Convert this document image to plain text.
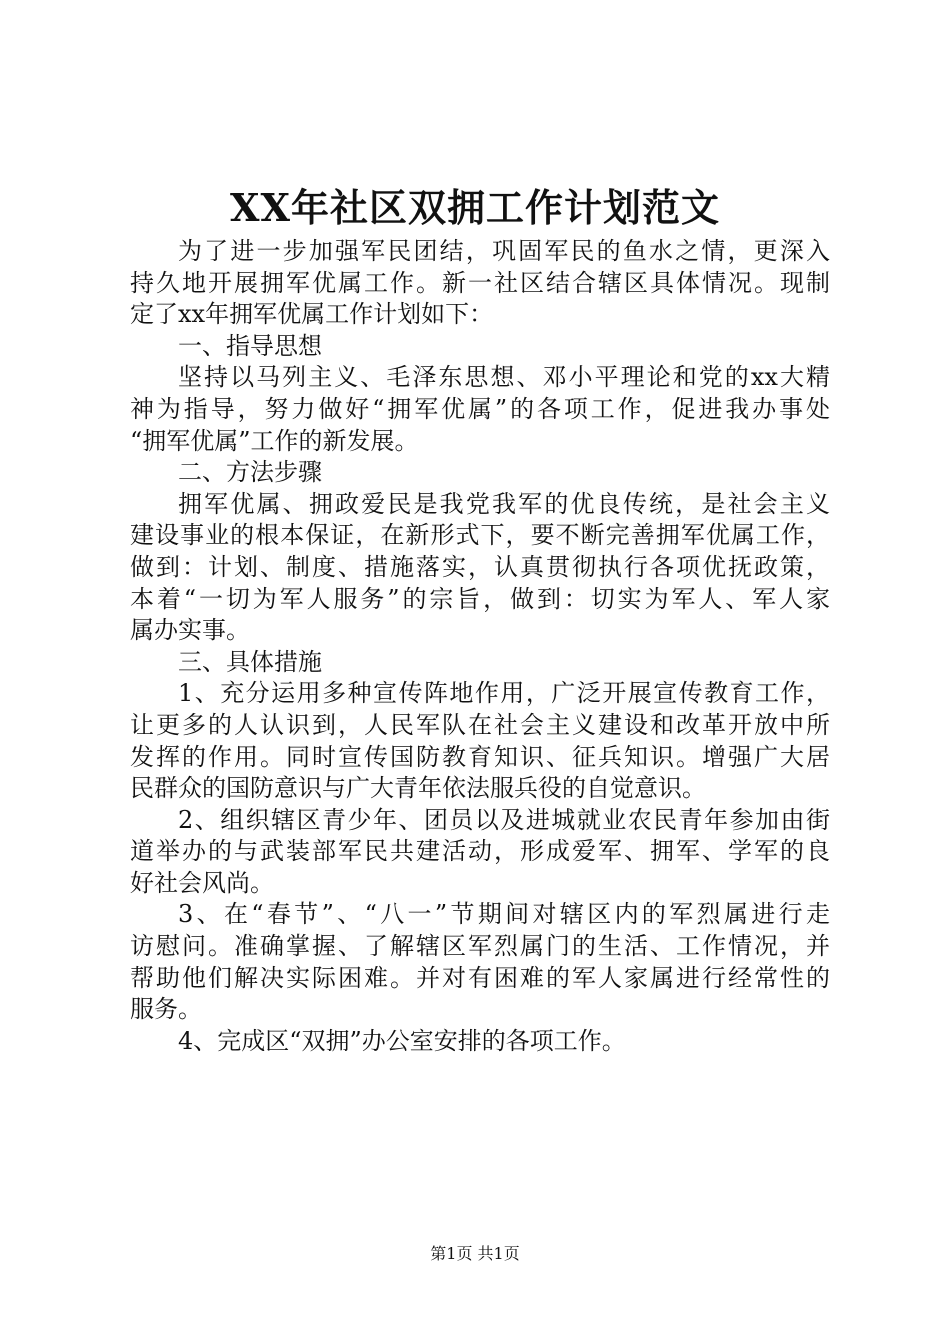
XX年社区双拥工作计划范文
为了进一步加强军民团结，巩固军民的鱼水之情，更深入
持久地开展拥军优属工作。新一社区结合辖区具体情况。现制
定了xx年拥军优属工作计划如下：
一、指导思想
坚持以马列主义、毛泽东思想、邓小平理论和党的xx大精
神为指导，努力做好“拥军优属”的各项工作，促进我办事处
“拥军优属”工作的新发展。
二、方法步骤
拥军优属、拥政爱民是我党我军的优良传统，是社会主义
建设事业的根本保证，在新形式下，要不断完善拥军优属工作，
做到：计划、制度、措施落实，认真贯彻执行各项优抚政策，
本着“一切为军人服务”的宗旨，做到：切实为军人、军人家
属办实事。
三、具体措施
1、充分运用多种宣传阵地作用，广泛开展宣传教育工作，
让更多的人认识到，人民军队在社会主义建设和改革开放中所
发挥的作用。同时宣传国防教育知识、征兵知识。增强广大居
民群众的国防意识与广大青年依法服兵役的自觉意识。
2、组织辖区青少年、团员以及进城就业农民青年参加由街
道举办的与武装部军民共建活动，形成爱军、拥军、学军的良
好社会风尚。
3、在“春节”、“八一”节期间对辖区内的军烈属进行走
访慰问。准确掌握、了解辖区军烈属门的生活、工作情况，并
帮助他们解决实际困难。并对有困难的军人家属进行经常性的
服务。
4、完成区“双拥”办公室安排的各项工作。
第1页 共1页
